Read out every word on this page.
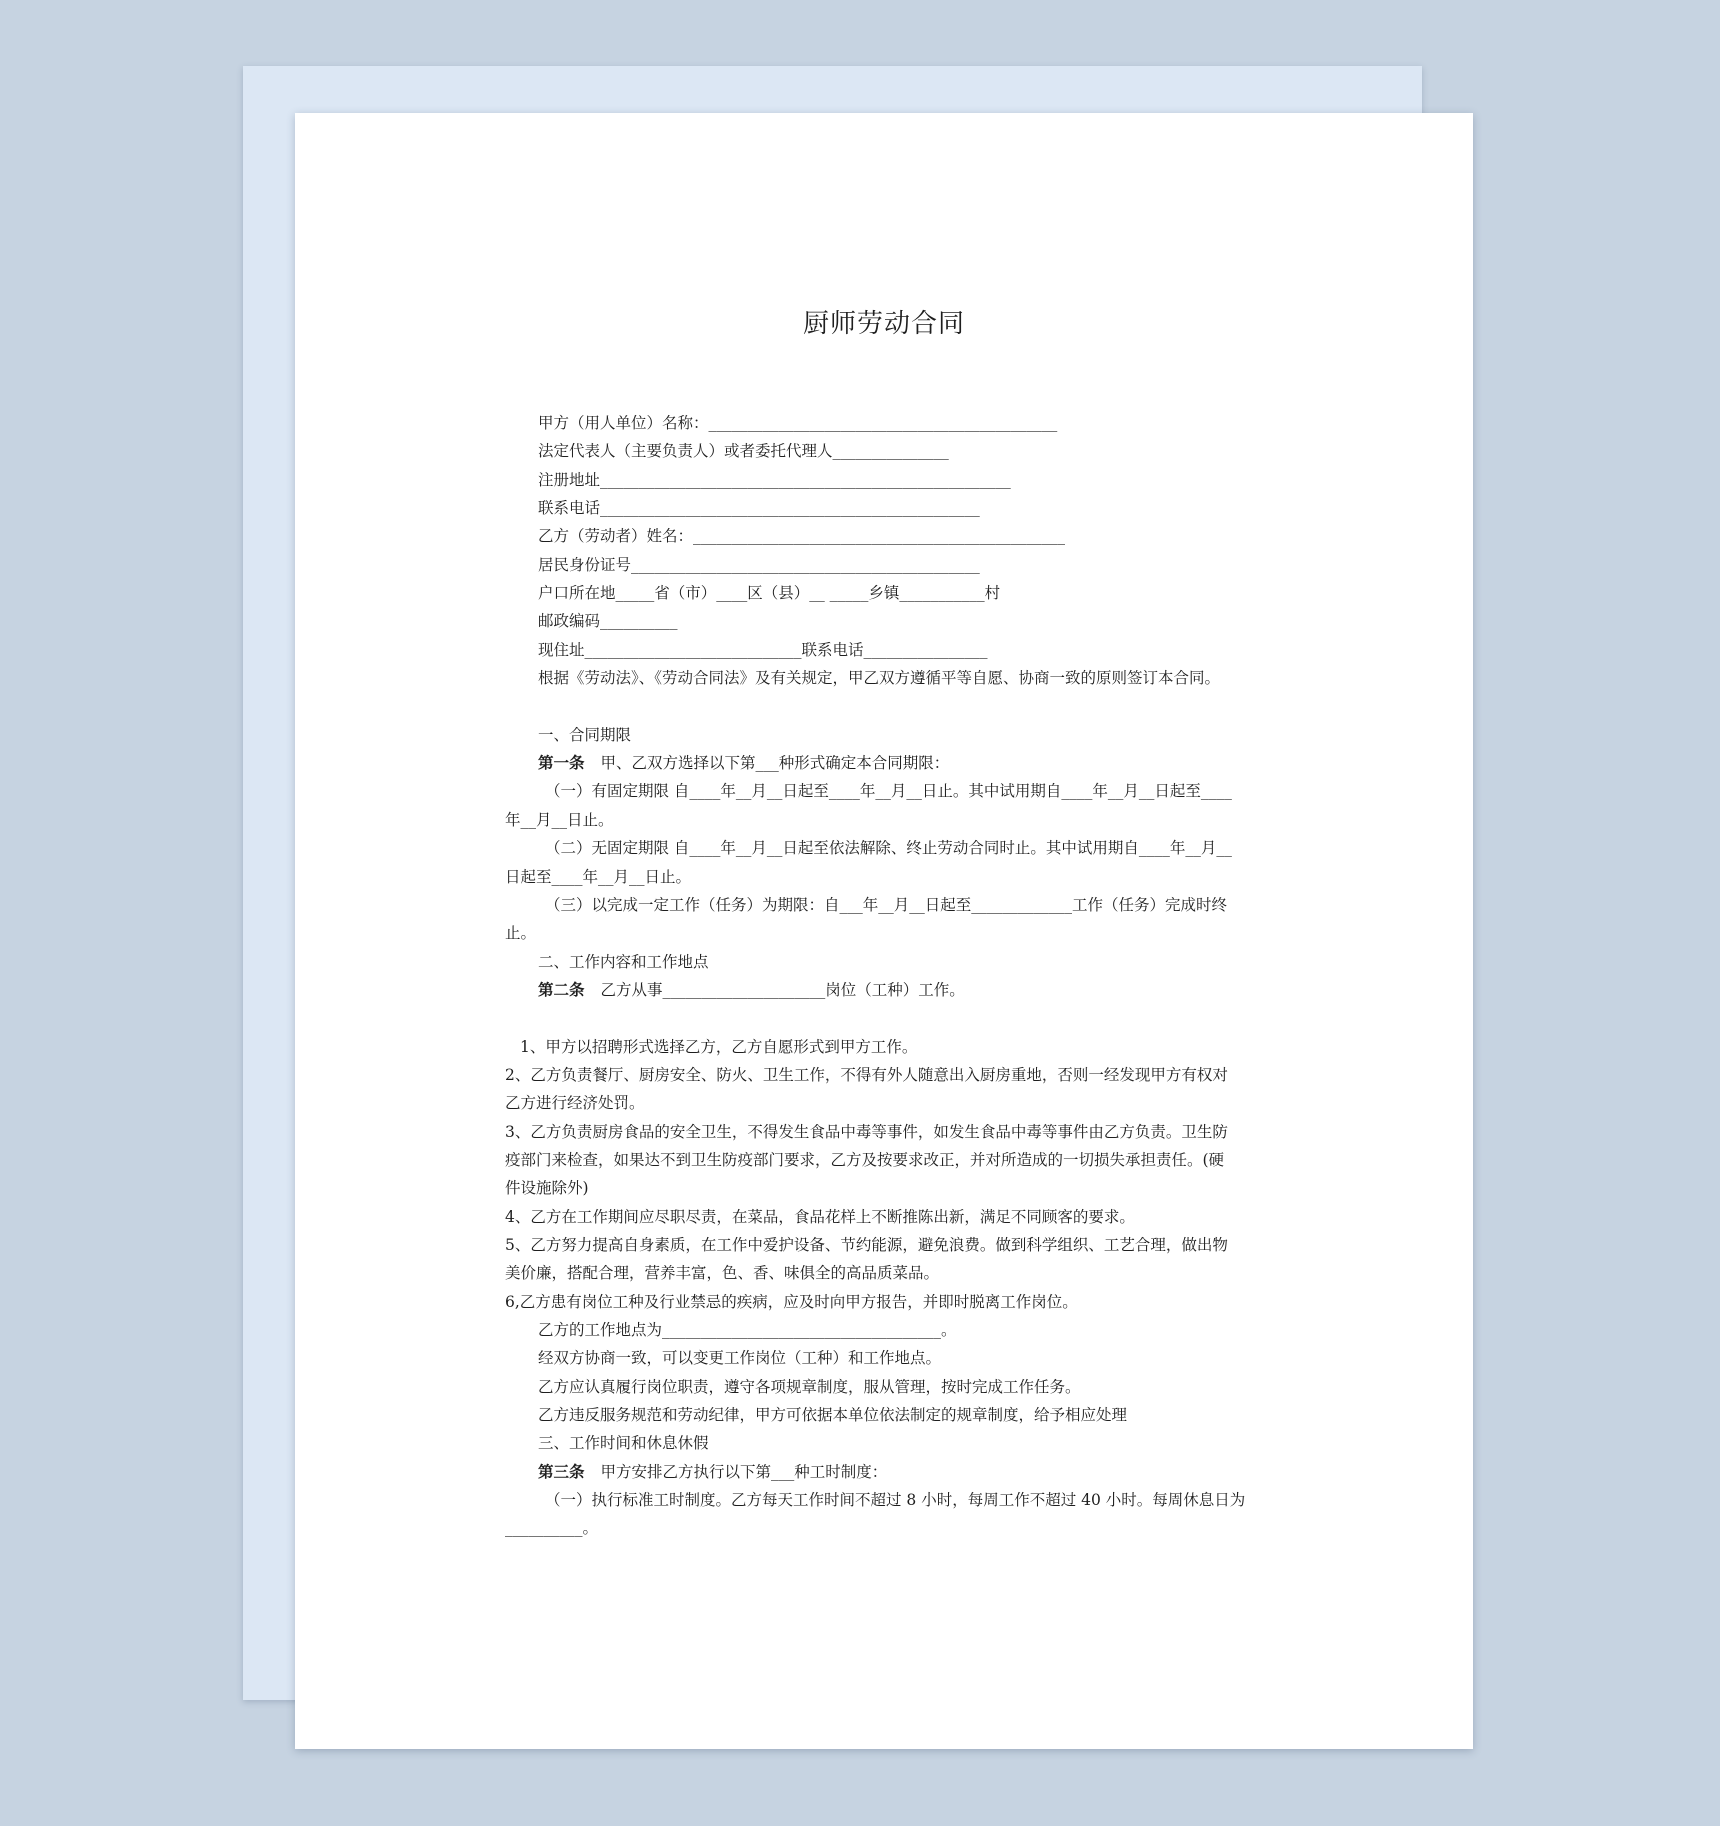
厨师劳动合同
甲方（用人单位）名称：_____________________________________________
法定代表人（主要负责人）或者委托代理人_______________
注册地址_____________________________________________________
联系电话_________________________________________________
乙方（劳动者）姓名：________________________________________________
居民身份证号_____________________________________________
户口所在地_____省（市）____区（县）__ _____乡镇___________村
邮政编码__________
现住址____________________________联系电话________________
根据《劳动法》、《劳动合同法》及有关规定，甲乙双方遵循平等自愿、协商一致的原则签订本合同。
一、合同期限
第一条 甲、乙双方选择以下第___种形式确定本合同期限：
（一）有固定期限 自____年__月__日起至____年__月__日止。其中试用期自____年__月__日起至____
年__月__日止。
（二）无固定期限 自____年__月__日起至依法解除、终止劳动合同时止。其中试用期自____年__月__
日起至____年__月__日止。
（三）以完成一定工作（任务）为期限：自___年__月__日起至_____________工作（任务）完成时终
止。
二、工作内容和工作地点
第二条 乙方从事_____________________岗位（工种）工作。
1、甲方以招聘形式选择乙方，乙方自愿形式到甲方工作。
2、乙方负责餐厅、厨房安全、防火、卫生工作，不得有外人随意出入厨房重地，否则一经发现甲方有权对
乙方进行经济处罚。
3、乙方负责厨房食品的安全卫生，不得发生食品中毒等事件，如发生食品中毒等事件由乙方负责。卫生防
疫部门来检查，如果达不到卫生防疫部门要求，乙方及按要求改正，并对所造成的一切损失承担责任。(硬
件设施除外)
4、乙方在工作期间应尽职尽责，在菜品，食品花样上不断推陈出新，满足不同顾客的要求。
5、乙方努力提高自身素质，在工作中爱护设备、节约能源，避免浪费。做到科学组织、工艺合理，做出物
美价廉，搭配合理，营养丰富，色、香、味俱全的高品质菜品。
6,乙方患有岗位工种及行业禁忌的疾病，应及时向甲方报告，并即时脱离工作岗位。
乙方的工作地点为____________________________________。
经双方协商一致，可以变更工作岗位（工种）和工作地点。
乙方应认真履行岗位职责，遵守各项规章制度，服从管理，按时完成工作任务。
乙方违反服务规范和劳动纪律，甲方可依据本单位依法制定的规章制度，给予相应处理
三、工作时间和休息休假
第三条 甲方安排乙方执行以下第___种工时制度：
（一）执行标准工时制度。乙方每天工作时间不超过 8 小时，每周工作不超过 40 小时。每周休息日为
__________。
